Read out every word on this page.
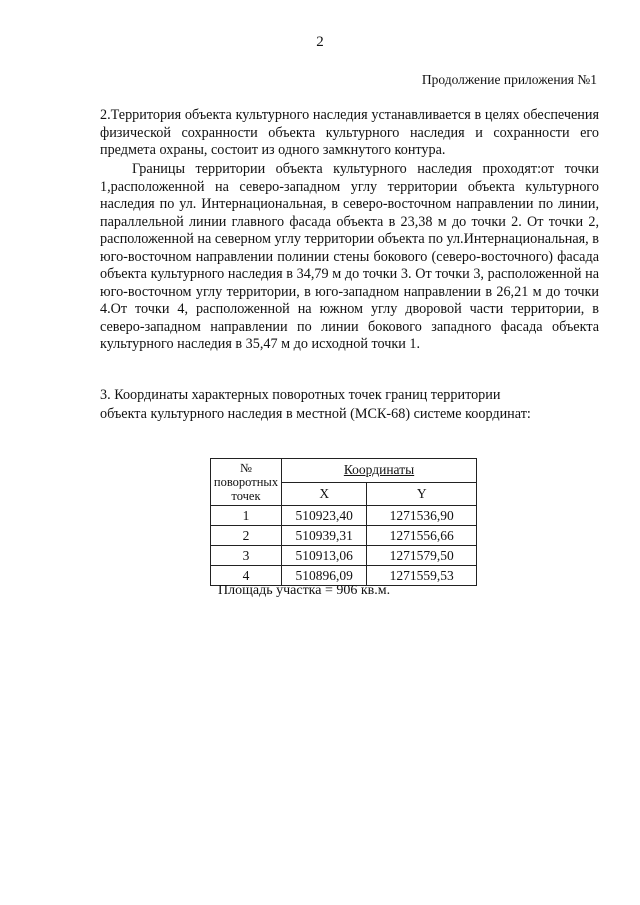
2
Продолжение приложения №1

2.Территория объекта культурного наследия устанавливается в целях обеспечения физической сохранности объекта культурного наследия и сохранности его предмета охраны, состоит из одного замкнутого контура.

Границы территории объекта культурного наследия проходят:от точки 1,расположенной на северо-западном углу территории объекта культурного наследия по ул. Интернациональная, в северо-восточном направлении по линии, параллельной линии главного фасада объекта в 23,38 м до точки 2. От точки 2, расположенной на северном углу территории объекта по ул.Интернациональная, в юго-восточном направлении полинии стены бокового (северо-восточного) фасада объекта культурного наследия в 34,79 м до точки 3. От точки 3, расположенной на юго-восточном углу территории, в юго-западном направлении в 26,21 м до точки 4.От точки 4, расположенной на южном углу дворовой части территории, в северо-западном направлении по линии бокового западного фасада объекта культурного наследия в 35,47 м до исходной точки 1.

3. Координаты характерных поворотных точек границ территории
объекта культурного наследия в местной (МСК-68) системе координат:
№ поворотных точек	Координаты	
	X	Y
1	510923,40	1271536,90
2	510939,31	1271556,66
3	510913,06	1271579,50
4	510896,09	1271559,53
Площадь участка = 906 кв.м.
